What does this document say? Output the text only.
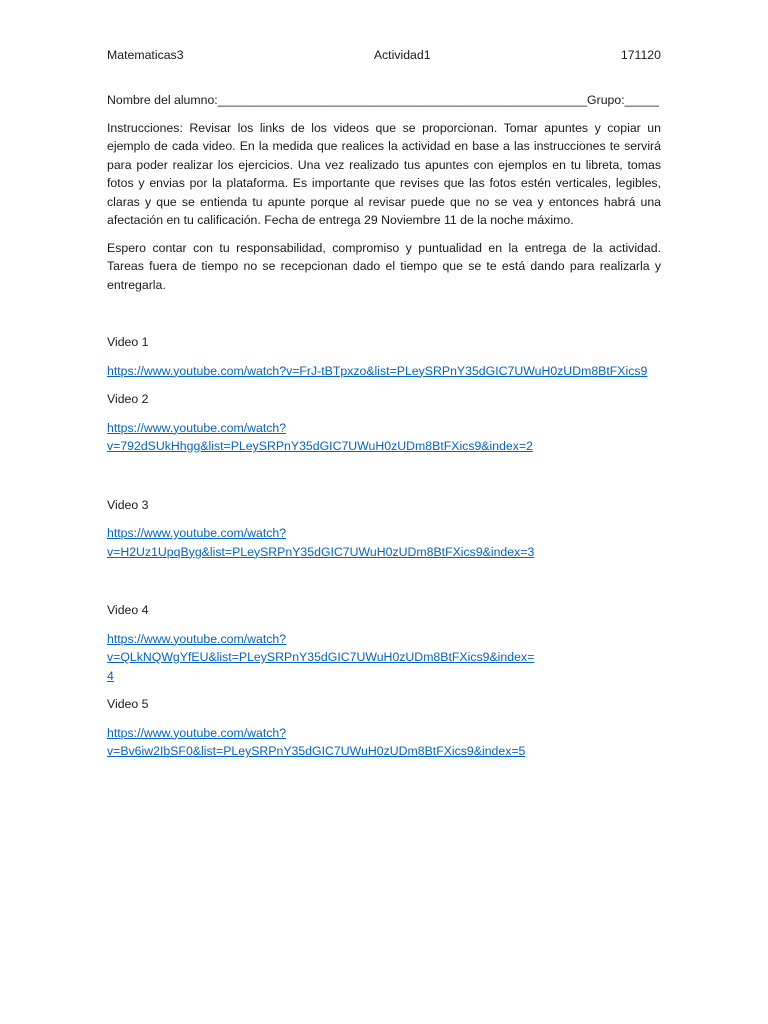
Matematicas3	Actividad1	171120
Nombre del alumno:______________________________________________________Grupo:_____
Instrucciones: Revisar los links de los videos que se proporcionan. Tomar apuntes y copiar un ejemplo de cada video. En la medida que realices la actividad en base a las instrucciones te servirá para poder realizar los ejercicios. Una vez realizado tus apuntes con ejemplos en tu libreta, tomas fotos y envias por la plataforma. Es importante que revises que las fotos estén verticales, legibles, claras y que se entienda tu apunte porque al revisar puede que no se vea y entonces habrá una afectación en tu calificación. Fecha de entrega 29 Noviembre 11 de la noche máximo.
Espero contar con tu responsabilidad, compromiso y puntualidad en la entrega de la actividad. Tareas fuera de tiempo no se recepcionan dado el tiempo que se te está dando para realizarla y entregarla.
Video 1
https://www.youtube.com/watch?v=FrJ-tBTpxzo&list=PLeySRPnY35dGIC7UWuH0zUDm8BtFXics9
Video 2
https://www.youtube.com/watch?
v=792dSUkHhgg&list=PLeySRPnY35dGIC7UWuH0zUDm8BtFXics9&index=2
Video 3
https://www.youtube.com/watch?
v=H2Uz1UpqByg&list=PLeySRPnY35dGIC7UWuH0zUDm8BtFXics9&index=3
Video 4
https://www.youtube.com/watch?
v=QLkNQWgYfEU&list=PLeySRPnY35dGIC7UWuH0zUDm8BtFXics9&index=4
Video 5
https://www.youtube.com/watch?
v=Bv6iw2IbSF0&list=PLeySRPnY35dGIC7UWuH0zUDm8BtFXics9&index=5
